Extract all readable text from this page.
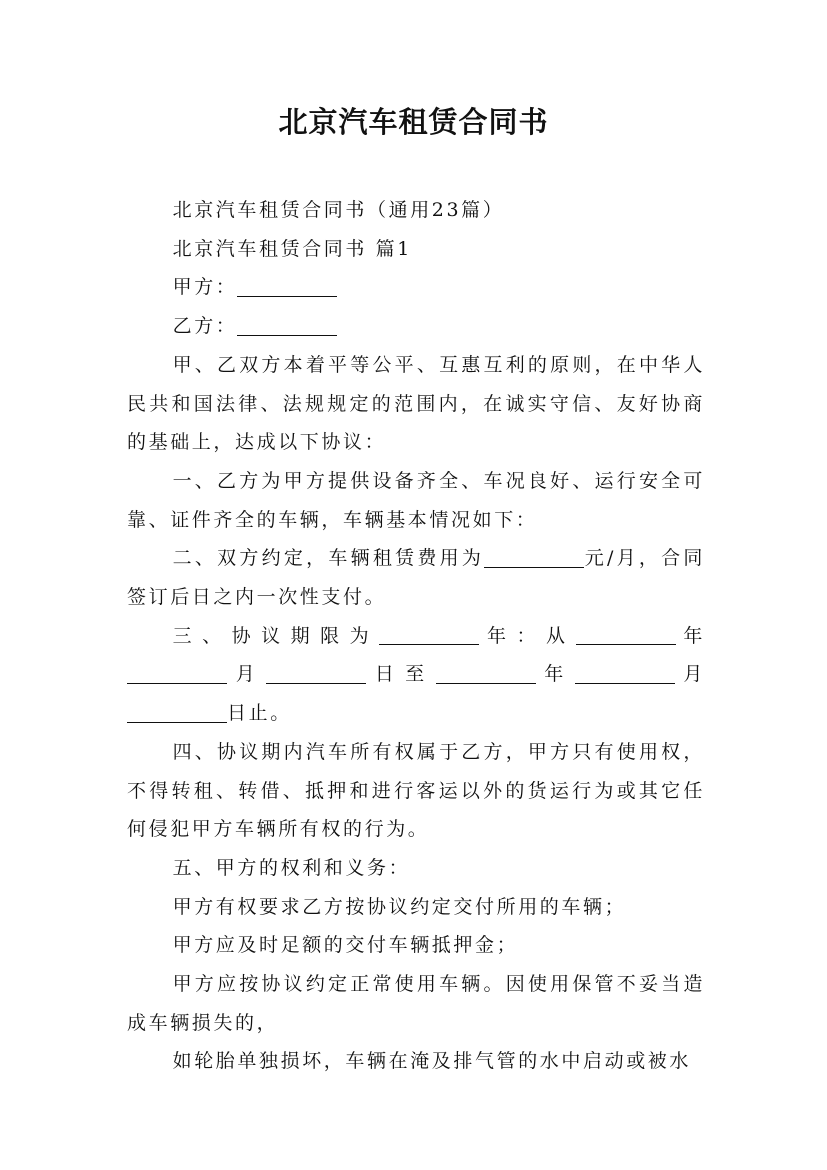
北京汽车租赁合同书

北京汽车租赁合同书（通用23篇）

北京汽车租赁合同书 篇1

甲方：

乙方：

甲、乙双方本着平等公平、互惠互利的原则，在中华人民共和国法律、法规规定的范围内，在诚实守信、友好协商的基础上，达成以下协议：

一、乙方为甲方提供设备齐全、车况良好、运行安全可靠、证件齐全的车辆，车辆基本情况如下：

二、双方约定，车辆租赁费用为	元/月，合同签订后日之内一次性支付。

三、协议期限为	年：从	年月	日至	年	月日止。

四、协议期内汽车所有权属于乙方，甲方只有使用权，不得转租、转借、抵押和进行客运以外的货运行为或其它任何侵犯甲方车辆所有权的行为。

五、甲方的权利和义务：

甲方有权要求乙方按协议约定交付所用的车辆；

甲方应及时足额的交付车辆抵押金；

甲方应按协议约定正常使用车辆。因使用保管不妥当造成车辆损失的，

如轮胎单独损坏，车辆在淹及排气管的水中启动或被水
